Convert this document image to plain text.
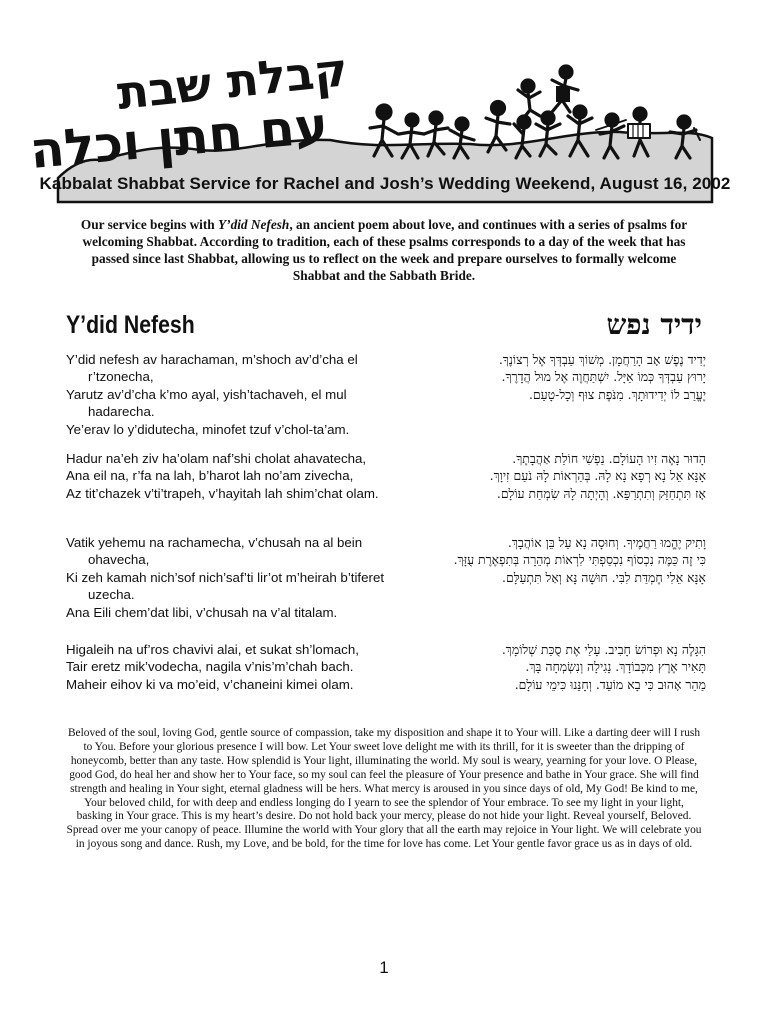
קבלת שבת
עם חתן וכלה
Kabbalat Shabbat Service for Rachel and Josh’s Wedding Weekend, August 16, 2002
Our service begins with Y’did Nefesh, an ancient poem about love, and continues with a series of psalms for welcoming Shabbat. According to tradition, each of these psalms corresponds to a day of the week that has passed since last Shabbat, allowing us to reflect on the week and prepare ourselves to formally welcome Shabbat and the Sabbath Bride.
Y’did Nefesh	ידיד נפש
Y’did nefesh av harachaman, m’shoch av’d’cha el r’tzonecha,
Yarutz av’d’cha k’mo ayal, yish’tachaveh, el mul hadarecha.
Ye’erav lo y’didutecha, minofet tzuf v’chol-ta’am.
יְדִיד נֶפֶשׁ אָב הָרַחֲמָן. מְשׁוֹךְ עַבְדְּךָ אֶל רְצוֹנֶךָ.
יָרוּץ עַבְדְּךָ כְּמוֹ אַיָּל. יִשְׁתַּחֲוֶה אֶל מוּל הֲדָרֶךָ.
יֶעֱרַב לוֹ יְדִידוּתָךְ. מִנֹּפֶת צוּף וְכָל-טָעַם.
Hadur na’eh ziv ha’olam naf’shi cholat ahavatecha,
Ana eil na, r’fa na lah, b’harot lah no’am zivecha,
Az tit’chazek v’ti’trapeh, v’hayitah lah shim’chat olam.
הָדוּר נָאֶה זִיו הָעוֹלָם. נַפְשִׁי חוֹלַת אַהֲבָתֶךָ.
אָנָּא אֵל נָא רְפָא נָא לָהּ. בְּהַרְאוֹת לָהּ נֹעַם זִיוָךְ.
אָז תִּתְחַזֵּק וְתִתְרַפֵּא. וְהָיְתָה לָהּ שִׂמְחַת עוֹלָם.
Vatik yehemu na rachamecha, v’chusah na al bein ohavecha,
Ki zeh kamah nich’sof nich’saf’ti lir’ot m’heirah b’tiferet uzecha.
Ana Eili chem’dat libi, v’chusah na v’al titalam.
וָתִיק יֶהֱמוּ רַחֲמֶיךָ. וְחוּסָה נָא עַל בֵּן אוֹהֲבָךְ.
כִּי זֶה כַּמֶּה נִכְסוֹף נִכְסַפְתִּי לִרְאוֹת מְהֵרָה בְּתִפְאֶרֶת עֻזָּךְ.
אָנָּא אֵלִי חֶמְדַּת לִבִּי. חוּשָׁה נָּא וְאַל תִּתְעַלָּם.
Higaleih na uf’ros chavivi alai, et sukat sh’lomach,
Tair eretz mik’vodecha, nagila v’nis’m’chah bach.
Maheir eihov ki va mo’eid, v’chaneini kimei olam.
הִגָּלֶה נָא וּפְרוֹשׂ חָבִיב. עָלַי אֶת סֻכַּת שְׁלוֹמָךְ.
תָּאִיר אֶרֶץ מִכְּבוֹדָךְ. נָגִילָה וְנִשְׂמְחָה בָּךְ.
מַהֵר אָהוּב כִּי בָא מוֹעֵד. וְחָנֵּנוּ כִּימֵי עוֹלָם.
Beloved of the soul, loving God, gentle source of compassion, take my disposition and shape it to Your will. Like a darting deer will I rush to You. Before your glorious presence I will bow. Let Your sweet love delight me with its thrill, for it is sweeter than the dripping of honeycomb, better than any taste. How splendid is Your light, illuminating the world. My soul is weary, yearning for your love. O Please, good God, do heal her and show her to Your face, so my soul can feel the pleasure of Your presence and bathe in Your grace. She will find strength and healing in Your sight, eternal gladness will be hers. What mercy is aroused in you since days of old, My God! Be kind to me, Your beloved child, for with deep and endless longing do I yearn to see the splendor of Your embrace. To see my light in your light, basking in Your grace. This is my heart’s desire. Do not hold back your mercy, please do not hide your light. Reveal yourself, Beloved. Spread over me your canopy of peace. Illumine the world with Your glory that all the earth may rejoice in Your light. We will celebrate you in joyous song and dance. Rush, my Love, and be bold, for the time for love has come. Let Your gentle favor grace us as in days of old.
1
